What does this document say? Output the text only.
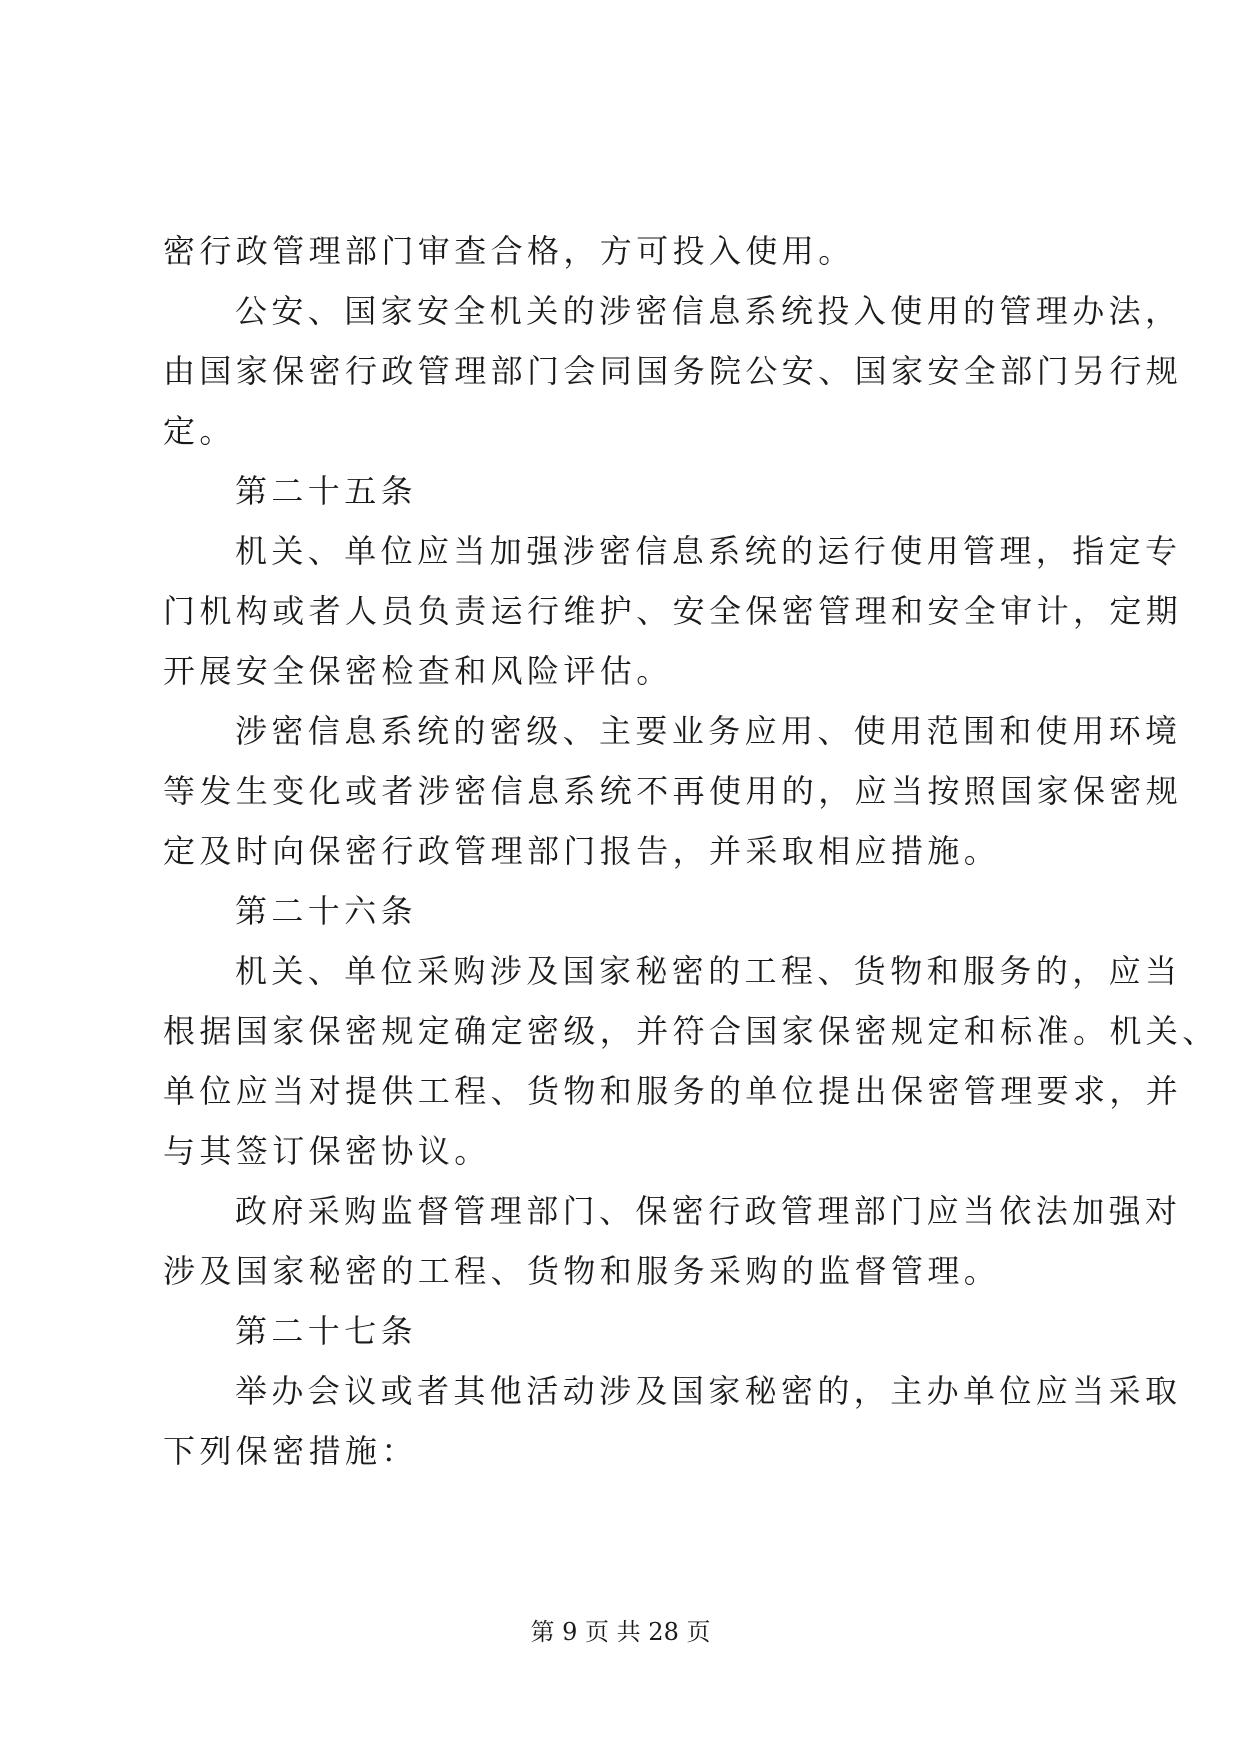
密行政管理部门审查合格，方可投入使用。
公安、国家安全机关的涉密信息系统投入使用的管理办法，
由国家保密行政管理部门会同国务院公安、国家安全部门另行规
定。
第二十五条
机关、单位应当加强涉密信息系统的运行使用管理，指定专
门机构或者人员负责运行维护、安全保密管理和安全审计，定期
开展安全保密检查和风险评估。
涉密信息系统的密级、主要业务应用、使用范围和使用环境
等发生变化或者涉密信息系统不再使用的，应当按照国家保密规
定及时向保密行政管理部门报告，并采取相应措施。
第二十六条
机关、单位采购涉及国家秘密的工程、货物和服务的，应当
根据国家保密规定确定密级，并符合国家保密规定和标准。机关、
单位应当对提供工程、货物和服务的单位提出保密管理要求，并
与其签订保密协议。
政府采购监督管理部门、保密行政管理部门应当依法加强对
涉及国家秘密的工程、货物和服务采购的监督管理。
第二十七条
举办会议或者其他活动涉及国家秘密的，主办单位应当采取
下列保密措施：
第 9 页 共 28 页
